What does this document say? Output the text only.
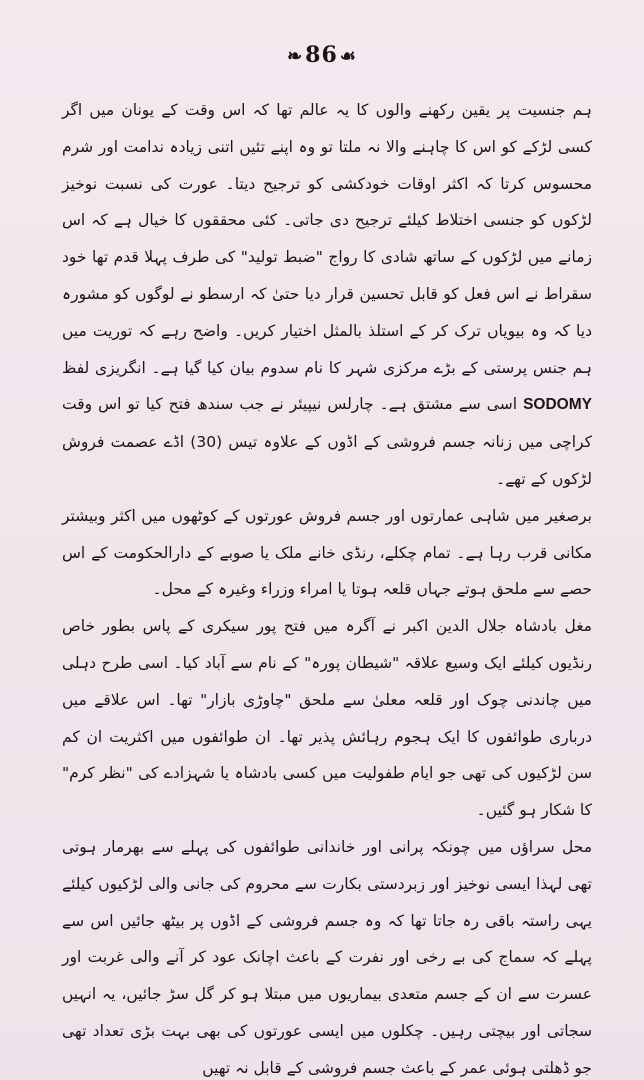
❧86 ☙

ہم جنسیت پر یقین رکھنے والوں کا یہ عالم تھا کہ اس وقت کے یونان میں اگر کسی لڑکے کو اس کا چاہنے والا نہ ملتا تو وہ اپنے تئیں اتنی زیادہ ندامت اور شرم محسوس کرتا کہ اکثر اوقات خودکشی کو ترجیح دیتا۔ عورت کی نسبت نوخیز لڑکوں کو جنسی اختلاط کیلئے ترجیح دی جاتی۔ کئی محققوں کا خیال ہے کہ اس زمانے میں لڑکوں کے ساتھ شادی کا رواج "ضبط تولید" کی طرف پہلا قدم تھا خود سقراط نے اس فعل کو قابل تحسین قرار دیا حتیٰ کہ ارسطو نے لوگوں کو مشورہ دیا کہ وہ بیویاں ترک کر کے استلذ بالمثل اختیار کریں۔ واضح رہے کہ توریت میں ہم جنس پرستی کے بڑے مرکزی شہر کا نام سدوم بیان کیا گیا ہے۔ انگریزی لفظ SODOMY اسی سے مشتق ہے۔ چارلس نیپیئر نے جب سندھ فتح کیا تو اس وقت کراچی میں زنانہ جسم فروشی کے اڈوں کے علاوہ تیس (30) اڈے عصمت فروش لڑکوں کے تھے۔

برصغیر میں شاہی عمارتوں اور جسم فروش عورتوں کے کوٹھوں میں اکثر وبیشتر مکانی قرب رہا ہے۔ تمام چکلے، رنڈی خانے ملک یا صوبے کے دارالحکومت کے اس حصے سے ملحق ہوتے جہاں قلعہ ہوتا یا امراء وزراء وغیرہ کے محل۔

مغل بادشاہ جلال الدین اکبر نے آگرہ میں فتح پور سیکری کے پاس بطور خاص رنڈیوں کیلئے ایک وسیع علاقہ "شیطان پورہ" کے نام سے آباد کیا۔ اسی طرح دہلی میں چاندنی چوک اور قلعہ معلیٰ سے ملحق "چاوڑی بازار" تھا۔ اس علاقے میں درباری طوائفوں کا ایک ہجوم رہائش پذیر تھا۔ ان طوائفوں میں اکثریت ان کم سن لڑکیوں کی تھی جو ایام طفولیت میں کسی بادشاہ یا شہزادے کی "نظر کرم" کا شکار ہو گئیں۔

محل سراؤں میں چونکہ پرانی اور خاندانی طوائفوں کی پہلے سے بھرمار ہوتی تھی لہذا ایسی نوخیز اور زبردستی بکارت سے محروم کی جانی والی لڑکیوں کیلئے یہی راستہ باقی رہ جاتا تھا کہ وہ جسم فروشی کے اڈوں پر بیٹھ جائیں اس سے پہلے کہ سماج کی بے رخی اور نفرت کے باعث اچانک عود کر آنے والی غربت اور عسرت سے ان کے جسم متعدی بیماریوں میں مبتلا ہو کر گل سڑ جائیں، یہ انہیں سجاتی اور بیچتی رہیں۔ چکلوں میں ایسی عورتوں کی بھی بہت بڑی تعداد تھی جو ڈھلتی ہوئی عمر کے باعث جسم فروشی کے قابل نہ تھیں
